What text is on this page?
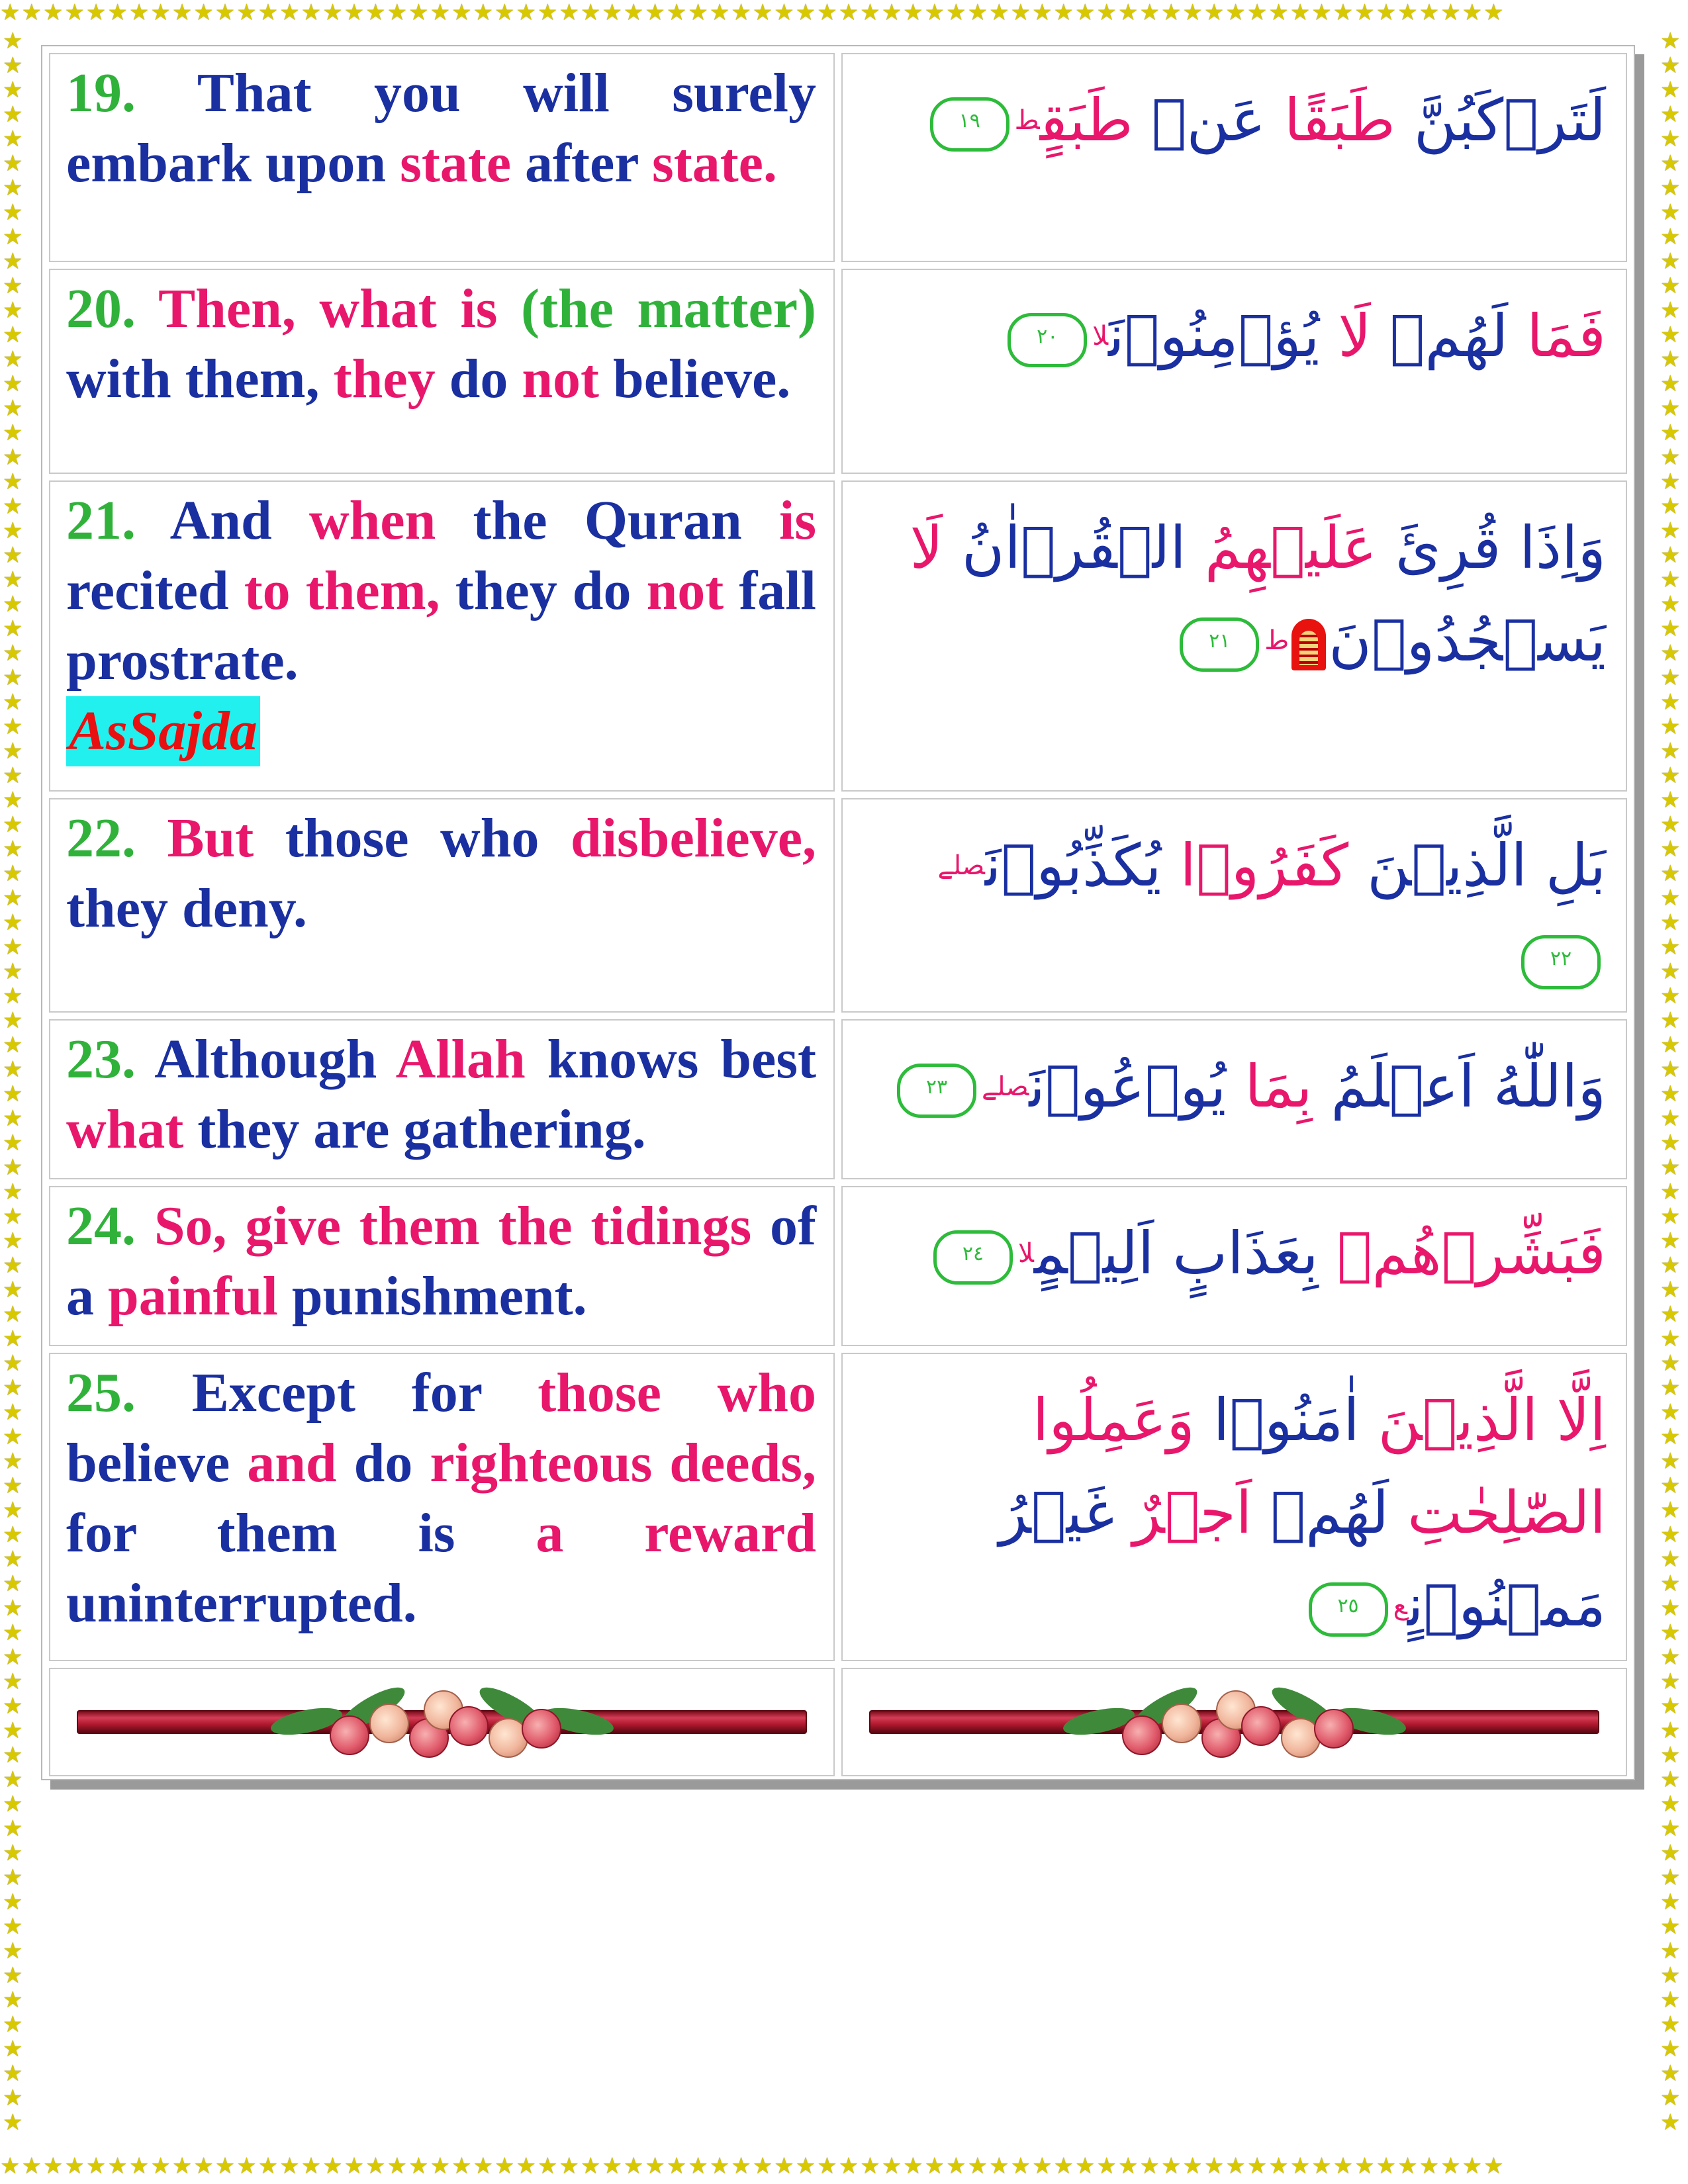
★★★★★★★★★★★★★★★★★★★★★★★★★★★★★★★★★★★★★★★★★★★★★★★★★★★★★★★★★★★★★★★★★★★★★★
★★★★★★★★★★★★★★★★★★★★★★★★★★★★★★★★★★★★★★★★★★★★★★★★★★★★★★★★★★★★★★★★★★★★★★★★★★★★★★★★★★★★★★
★★★★★★★★★★★★★★★★★★★★★★★★★★★★★★★★★★★★★★★★★★★★★★★★★★★★★★★★★★★★★★★★★★★★★★★★★★★★★★★★★★★★★★
★★★★★★★★★★★★★★★★★★★★★★★★★★★★★★★★★★★★★★★★★★★★★★★★★★★★★★★★★★★★★★★★★★★★★★
19. That you will surely embark upon state after state.	لَتَرۡكَبُنَّ طَبَقًا عَنۡ طَبَقٍ$^ط$١٩

20. Then, what is (the matter) with them, they do not believe.	فَمَا لَهُمۡ لَا يُؤۡمِنُوۡنَ$^{لا}$٢٠

21. And when the Quran is recited to them, they do not fall prostrate.
AsSajda	وَاِذَا قُرِئَ عَلَيۡهِمُ الۡقُرۡاٰنُ لَا يَسۡجُدُوۡنَ$^ط$٢١

22. But those who disbelieve, they deny.	بَلِ الَّذِيۡنَ كَفَرُوۡا يُكَذِّبُوۡنَ$^{صلے}$٢٢

23. Although Allah knows best what they are gathering.	وَاللّٰهُ اَعۡلَمُ بِمَا يُوۡعُوۡنَ$^{صلے}$٢٣

24. So, give them the tidings of a painful punishment.	فَبَشِّرۡهُمۡ بِعَذَابٍ اَلِيۡمٍ$^{لا}$٢٤

25. Except for those who believe and do righteous deeds, for them is a reward uninterrupted.	اِلَّا الَّذِيۡنَ اٰمَنُوۡا وَعَمِلُوا الصّٰلِحٰتِ لَهُمۡ اَجۡرٌ غَيۡرُ مَمۡنُوۡنٍ$^ع$٢٥
